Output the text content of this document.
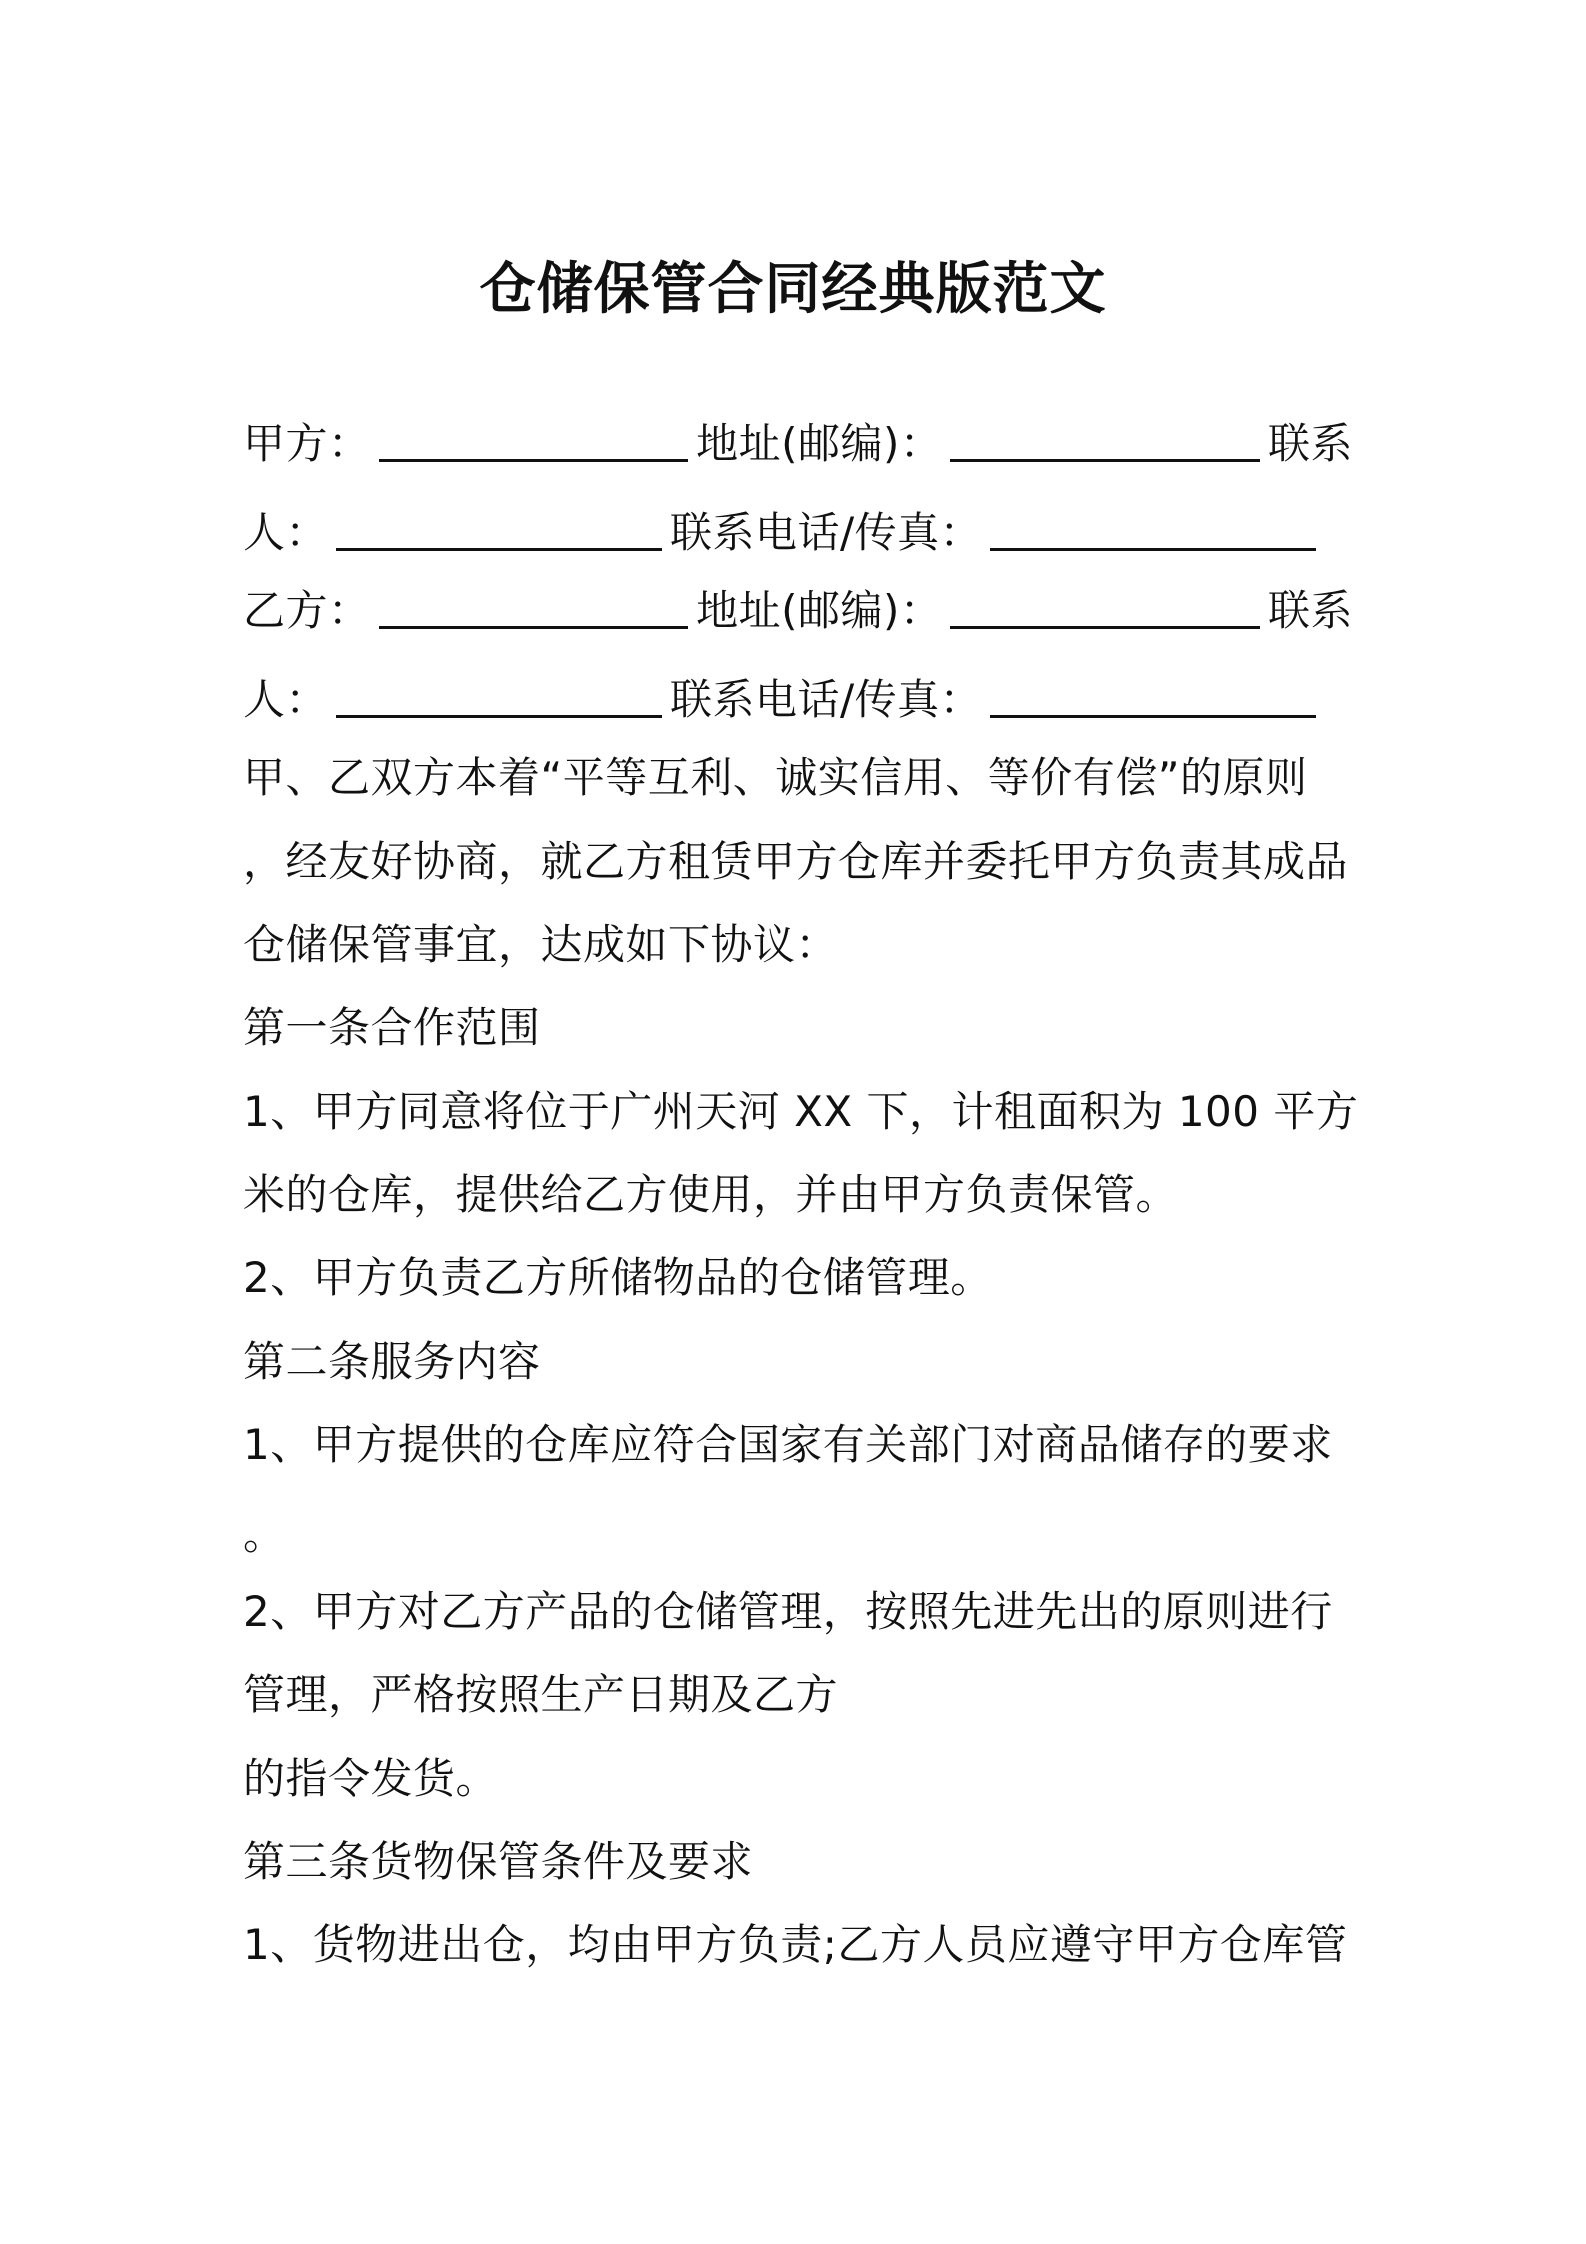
仓储保管合同经典版范文
甲方：	地址(邮编)：	联系
人：	联系电话/传真：
乙方：	地址(邮编)：	联系
人：	联系电话/传真：
甲、乙双方本着“平等互利、诚实信用、等价有偿”的原则
，经友好协商，就乙方租赁甲方仓库并委托甲方负责其成品
仓储保管事宜，达成如下协议：
第一条合作范围
1、甲方同意将位于广州天河 XX 下，计租面积为 100 平方
米的仓库，提供给乙方使用，并由甲方负责保管。
2、甲方负责乙方所储物品的仓储管理。
第二条服务内容
1、甲方提供的仓库应符合国家有关部门对商品储存的要求
。
2、甲方对乙方产品的仓储管理，按照先进先出的原则进行
管理，严格按照生产日期及乙方
的指令发货。
第三条货物保管条件及要求
1、货物进出仓，均由甲方负责;乙方人员应遵守甲方仓库管
